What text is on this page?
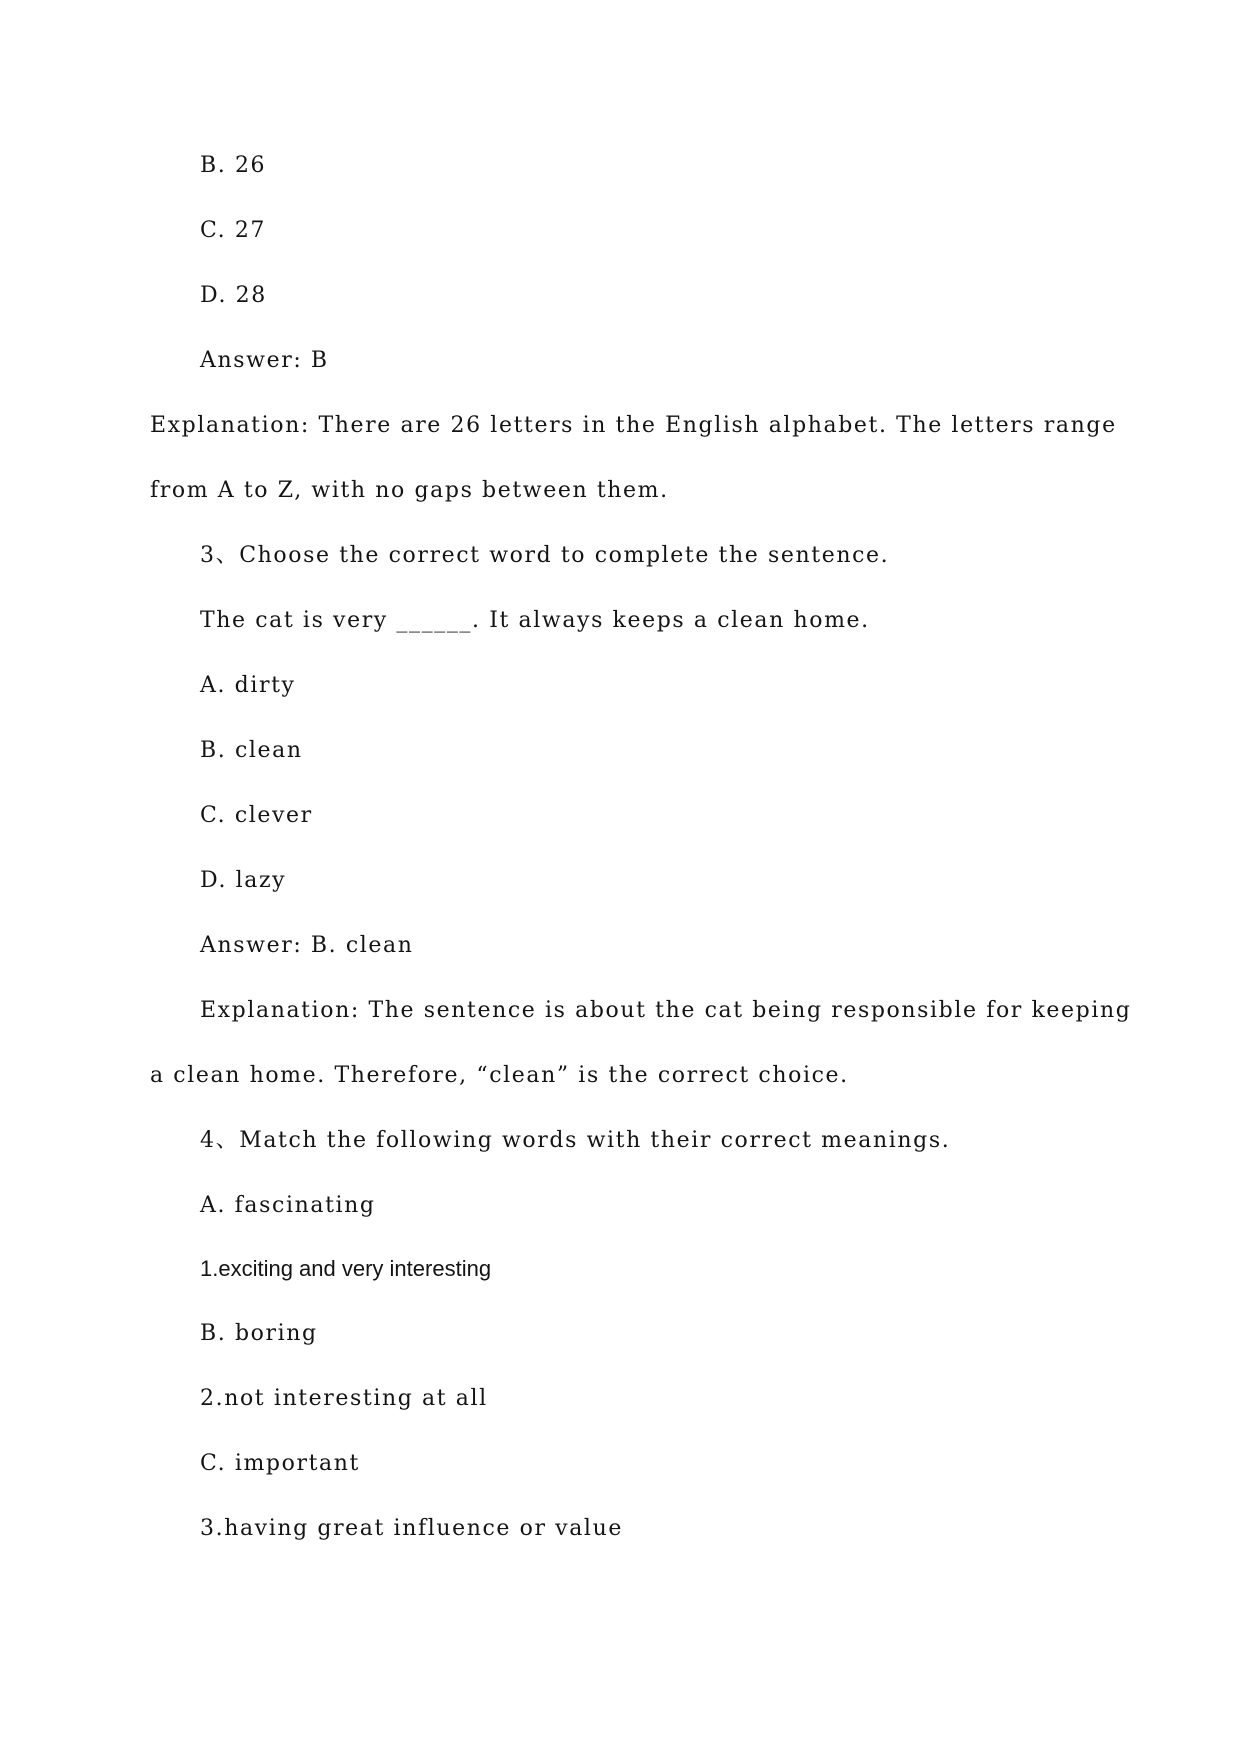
B. 26

C. 27

D. 28

Answer: B

Explanation: There are 26 letters in the English alphabet. The letters range

from A to Z, with no gaps between them.

3、Choose the correct word to complete the sentence.

The cat is very ______. It always keeps a clean home.

A. dirty

B. clean

C. clever

D. lazy

Answer: B. clean

Explanation: The sentence is about the cat being responsible for keeping

a clean home. Therefore, “clean” is the correct choice.

4、Match the following words with their correct meanings.

A. fascinating

1.exciting and very interesting

B. boring

2.not interesting at all

C. important

3.having great influence or value
